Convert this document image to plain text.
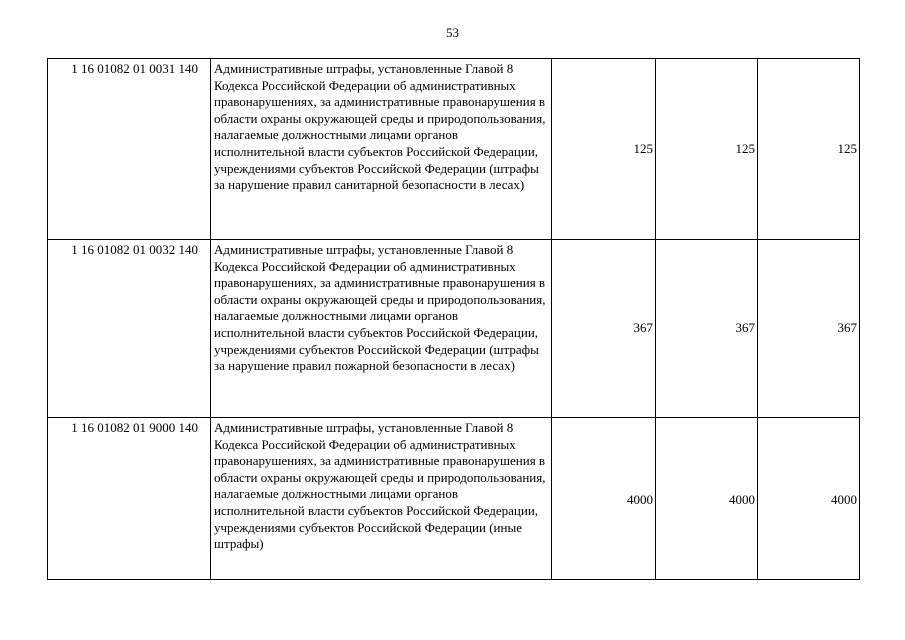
53
1 16 01082 01 0031 140	Административные штрафы, установленные Главой 8 Кодекса Российской Федерации об административных правонарушениях, за административные правонарушения в области охраны окружающей среды и природопользования, налагаемые должностными лицами органов исполнительной власти субъектов Российской Федерации, учреждениями субъектов Российской Федерации (штрафы за нарушение правил санитарной безопасности в лесах)	125	125	125
1 16 01082 01 0032 140	Административные штрафы, установленные Главой 8 Кодекса Российской Федерации об административных правонарушениях, за административные правонарушения в области охраны окружающей среды и природопользования, налагаемые должностными лицами органов исполнительной власти субъектов Российской Федерации, учреждениями субъектов Российской Федерации (штрафы за нарушение правил пожарной безопасности в лесах)	367	367	367
1 16 01082 01 9000 140	Административные штрафы, установленные Главой 8 Кодекса Российской Федерации об административных правонарушениях, за административные правонарушения в области охраны окружающей среды и природопользования, налагаемые должностными лицами органов исполнительной власти субъектов Российской Федерации, учреждениями субъектов Российской Федерации (иные штрафы)	4000	4000	4000
